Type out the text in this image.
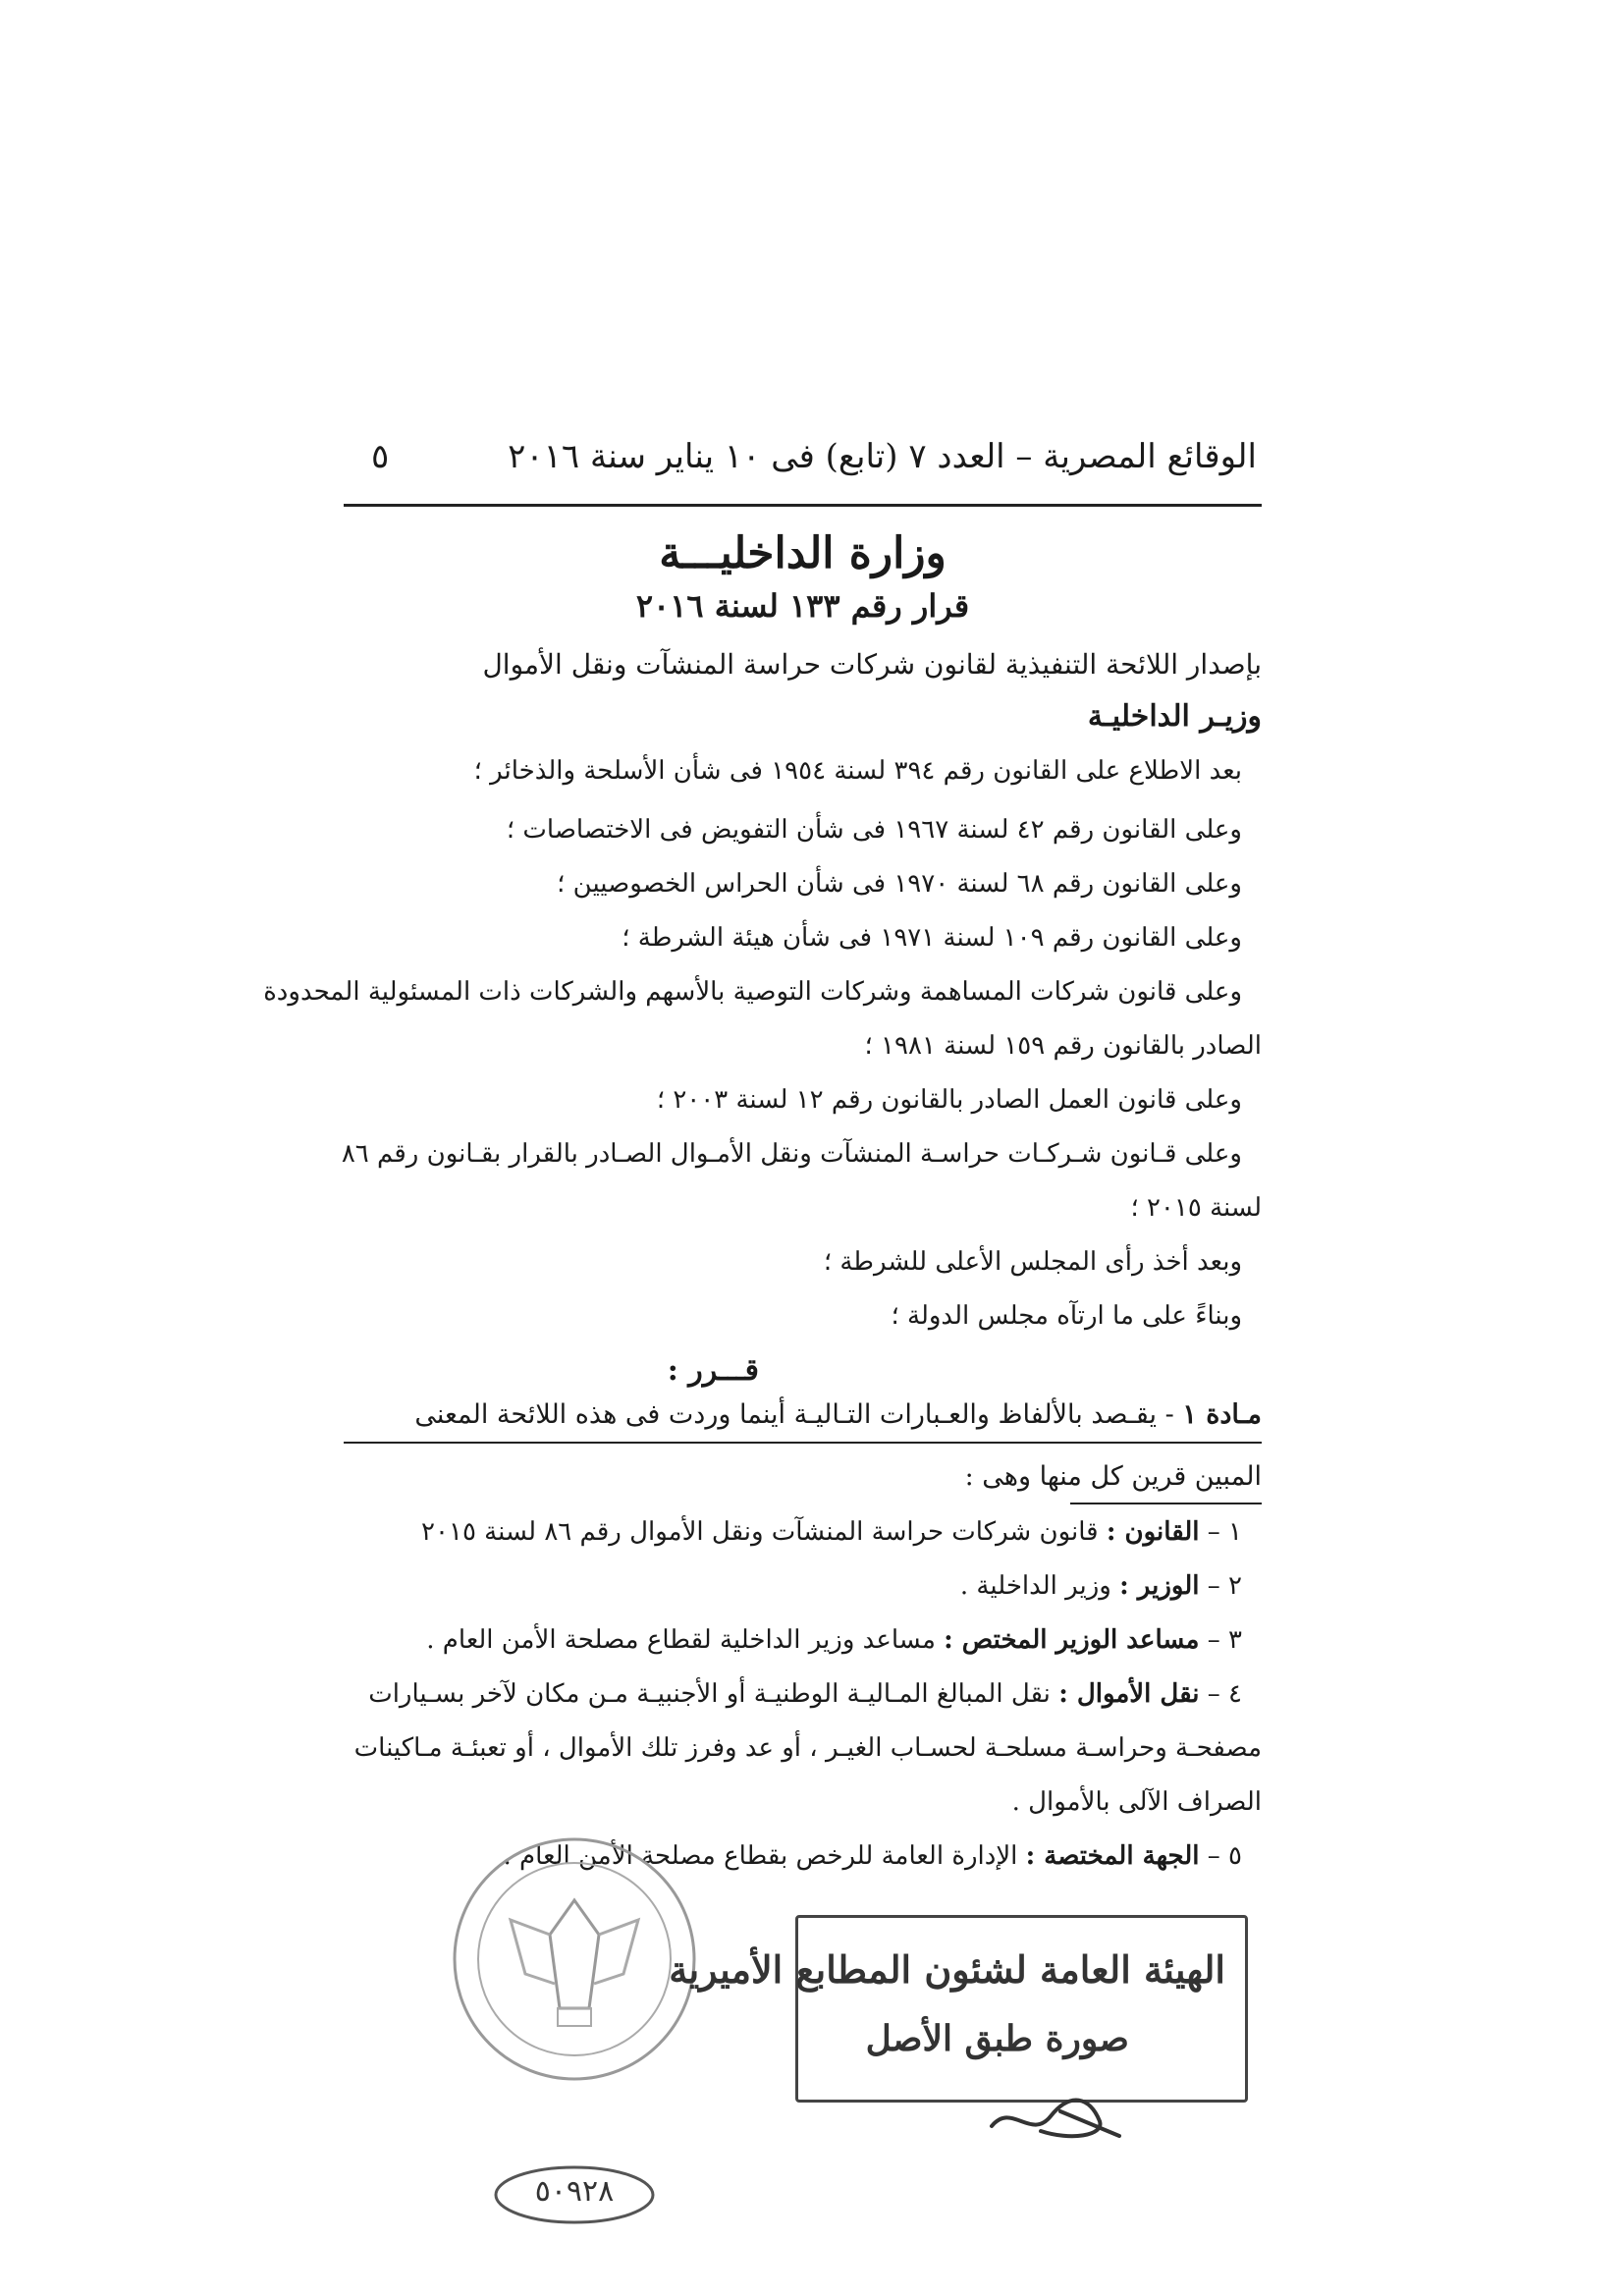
الوقائع المصرية – العدد ٧ (تابع) فى ١٠ يناير سنة ٢٠١٦
٥
وزارة الداخليـــة
قرار رقم ١٣٣ لسنة ٢٠١٦
بإصدار اللائحة التنفيذية لقانون شركات حراسة المنشآت ونقل الأموال
وزيـر الداخليـة
بعد الاطلاع على القانون رقم ٣٩٤ لسنة ١٩٥٤ فى شأن الأسلحة والذخائر ؛
وعلى القانون رقم ٤٢ لسنة ١٩٦٧ فى شأن التفويض فى الاختصاصات ؛
وعلى القانون رقم ٦٨ لسنة ١٩٧٠ فى شأن الحراس الخصوصيين ؛
وعلى القانون رقم ١٠٩ لسنة ١٩٧١ فى شأن هيئة الشرطة ؛
وعلى قانون شركات المساهمة وشركات التوصية بالأسهم والشركات ذات المسئولية المحدودة
الصادر بالقانون رقم ١٥٩ لسنة ١٩٨١ ؛
وعلى قانون العمل الصادر بالقانون رقم ١٢ لسنة ٢٠٠٣ ؛
وعلى قـانون شـركـات حراسـة المنشآت ونقل الأمـوال الصـادر بالقرار بقـانون رقم ٨٦
لسنة ٢٠١٥ ؛
وبعد أخذ رأى المجلس الأعلى للشرطة ؛
وبناءً على ما ارتآه مجلس الدولة ؛
قـــرر :
مـادة ١ - يقـصد بالألفاظ والعـبارات التـاليـة أينما وردت فى هذه اللائحة المعنى
المبين قرين كل منها وهى :
١ – القانون : قانون شركات حراسة المنشآت ونقل الأموال رقم ٨٦ لسنة ٢٠١٥
٢ – الوزير : وزير الداخلية .
٣ – مساعد الوزير المختص : مساعد وزير الداخلية لقطاع مصلحة الأمن العام .
٤ – نقل الأموال : نقل المبالغ المـاليـة الوطنيـة أو الأجنبيـة مـن مكان لآخر بسـيارات
مصفحـة وحراسـة مسلحـة لحسـاب الغيـر ، أو عد وفرز تلك الأموال ، أو تعبئـة مـاكينات
الصراف الآلى بالأموال .
٥ – الجهة المختصة : الإدارة العامة للرخص بقطاع مصلحة الأمن العام .
الهيئة العامة لشئون المطابع الأميرية
صورة طبق الأصل
٥٠٩٢٨
